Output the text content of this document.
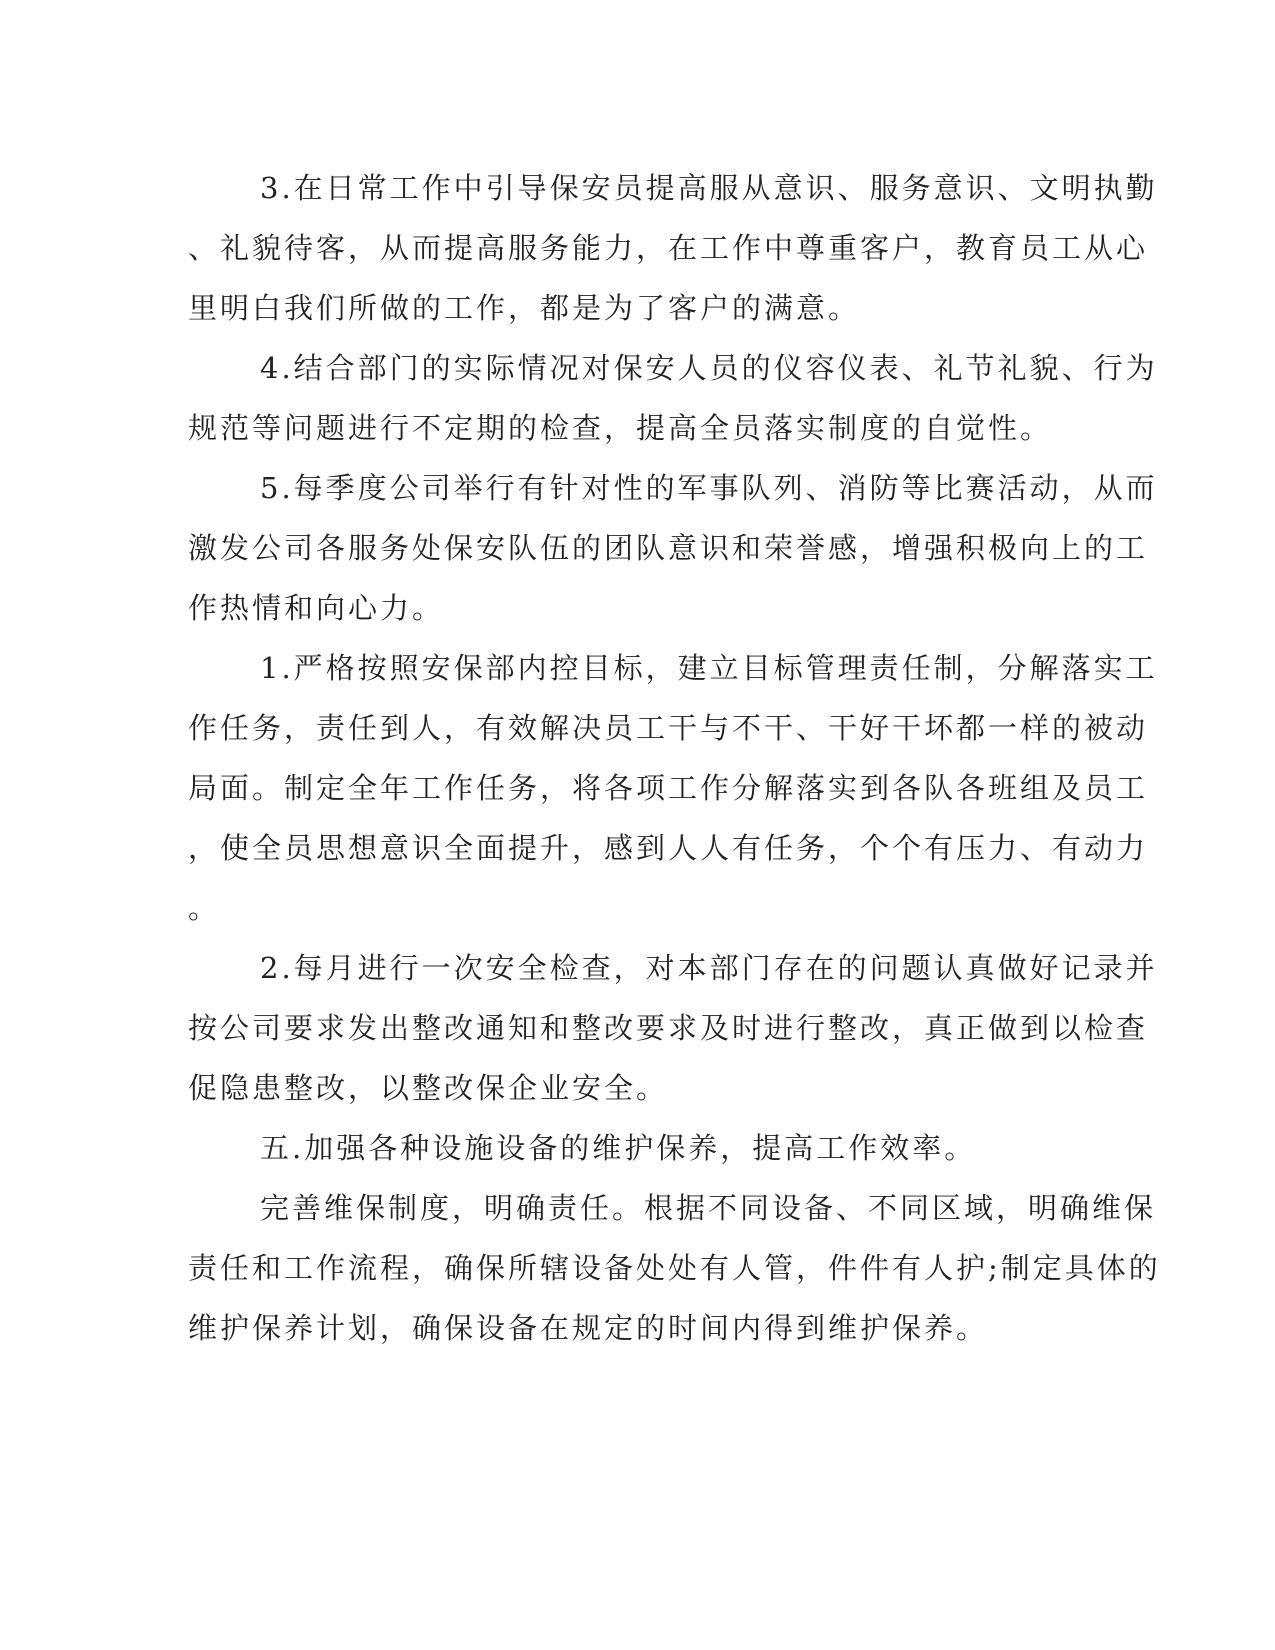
3.在日常工作中引导保安员提高服从意识、服务意识、文明执勤
、礼貌待客，从而提高服务能力，在工作中尊重客户，教育员工从心
里明白我们所做的工作，都是为了客户的满意。
4.结合部门的实际情况对保安人员的仪容仪表、礼节礼貌、行为
规范等问题进行不定期的检查，提高全员落实制度的自觉性。
5.每季度公司举行有针对性的军事队列、消防等比赛活动，从而
激发公司各服务处保安队伍的团队意识和荣誉感，增强积极向上的工
作热情和向心力。
1.严格按照安保部内控目标，建立目标管理责任制，分解落实工
作任务，责任到人，有效解决员工干与不干、干好干坏都一样的被动
局面。制定全年工作任务，将各项工作分解落实到各队各班组及员工
，使全员思想意识全面提升，感到人人有任务，个个有压力、有动力
。
2.每月进行一次安全检查，对本部门存在的问题认真做好记录并
按公司要求发出整改通知和整改要求及时进行整改，真正做到以检查
促隐患整改，以整改保企业安全。
五.加强各种设施设备的维护保养，提高工作效率。
完善维保制度，明确责任。根据不同设备、不同区域，明确维保
责任和工作流程，确保所辖设备处处有人管，件件有人护;制定具体的
维护保养计划，确保设备在规定的时间内得到维护保养。
